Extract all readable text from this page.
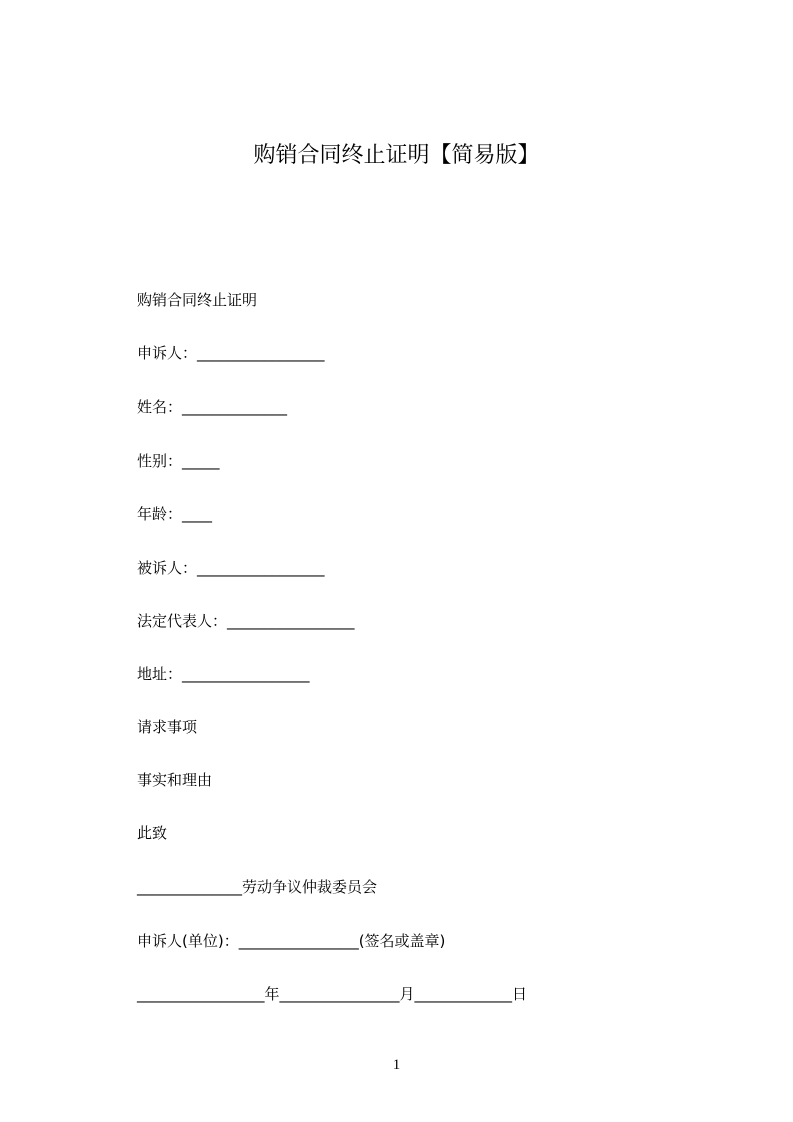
购销合同终止证明【简易版】
购销合同终止证明
申诉人：_________________
姓名：______________
性别：_____
年龄：____
被诉人：_________________
法定代表人：_________________
地址：_________________
请求事项
事实和理由
此致
______________劳动争议仲裁委员会
申诉人(单位)：________________(签名或盖章)
_________________年________________月_____________日
1
